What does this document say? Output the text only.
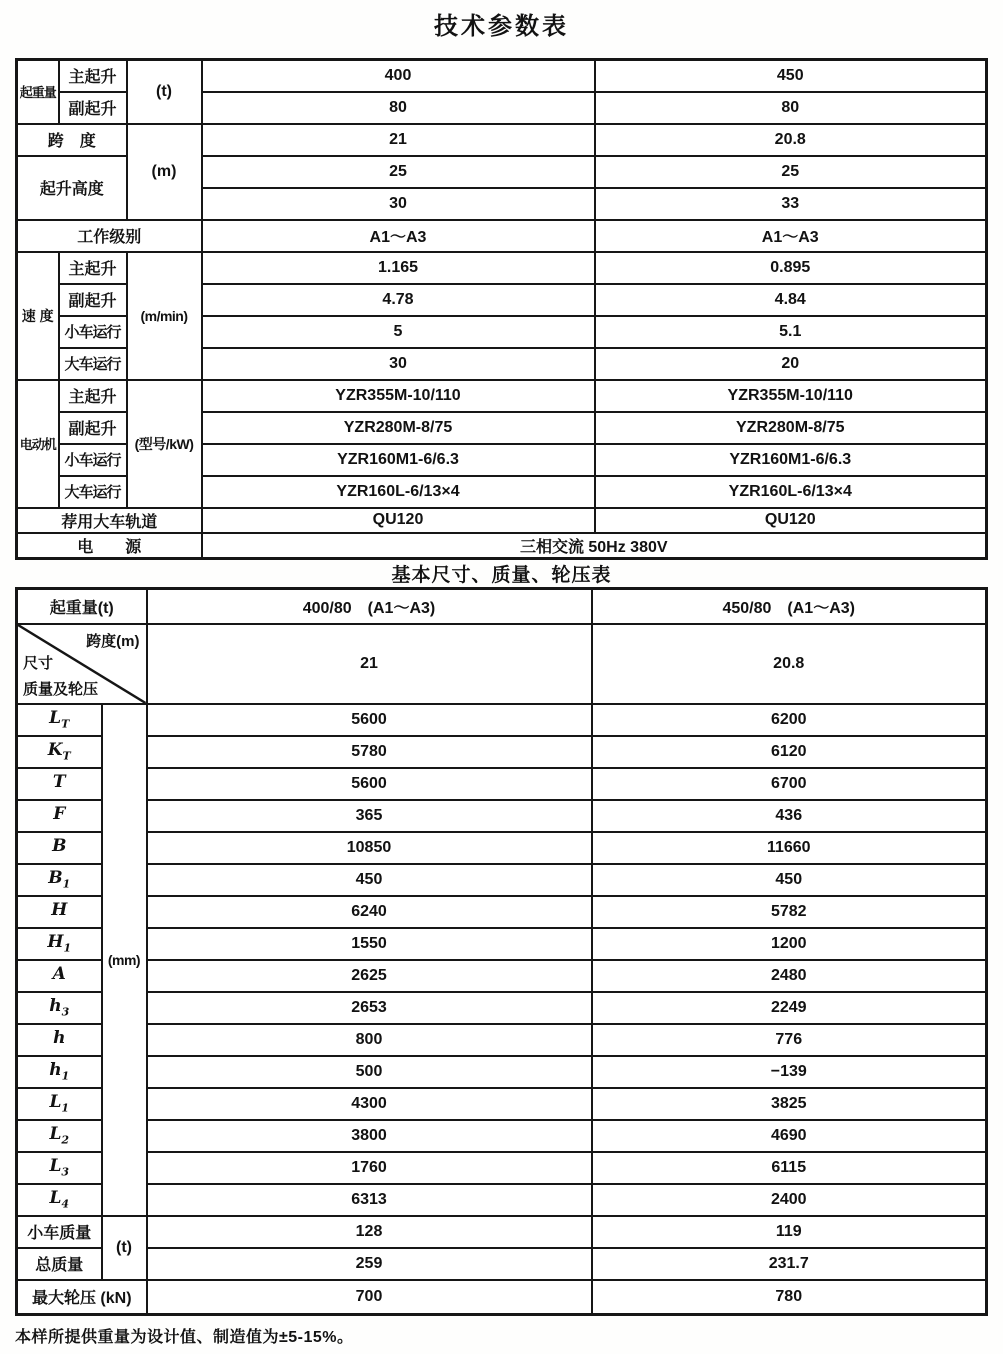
技术参数表
起重量	主起升	(t)	400	450
	副起升		80	80
跨　度		(m)	21	20.8
起升高度			25	25
			30	33
工作级别			A1～A3	A1～A3
速 度	主起升	(m/min)	1.165	0.895
	副起升		4.78	4.84
	小车运行		5	5.1
	大车运行		30	20
电动机	主起升	(型号/kW)	YZR355M-10/110	YZR355M-10/110
	副起升		YZR280M-8/75	YZR280M-8/75
	小车运行		YZR160M1-6/6.3	YZR160M1-6/6.3
	大车运行		YZR160L-6/13×4	YZR160L-6/13×4
荐用大车轨道			QU120	QU120
电　　源			三相交流 50Hz 380V	
基本尺寸、质量、轮压表
起重量(t)		400/80　(A1～A3)	450/80　(A1～A3)

跨度(m)
尺寸
质量及轮压		21	20.8
$L_T$	(mm)	5600	6200
$K_T$		5780	6120
T		5600	6700
F		365	436
B		10850	11660
$B_1$		450	450
H		6240	5782
$H_1$		1550	1200
A		2625	2480
$h_3$		2653	2249
h		800	776
$h_1$		500	−139
$L_1$		4300	3825
$L_2$		3800	4690
$L_3$		1760	6115
$L_4$		6313	2400
小车质量	(t)	128	119
总质量		259	231.7
最大轮压 (kN)		700	780
本样所提供重量为设计值、制造值为±5-15%。
